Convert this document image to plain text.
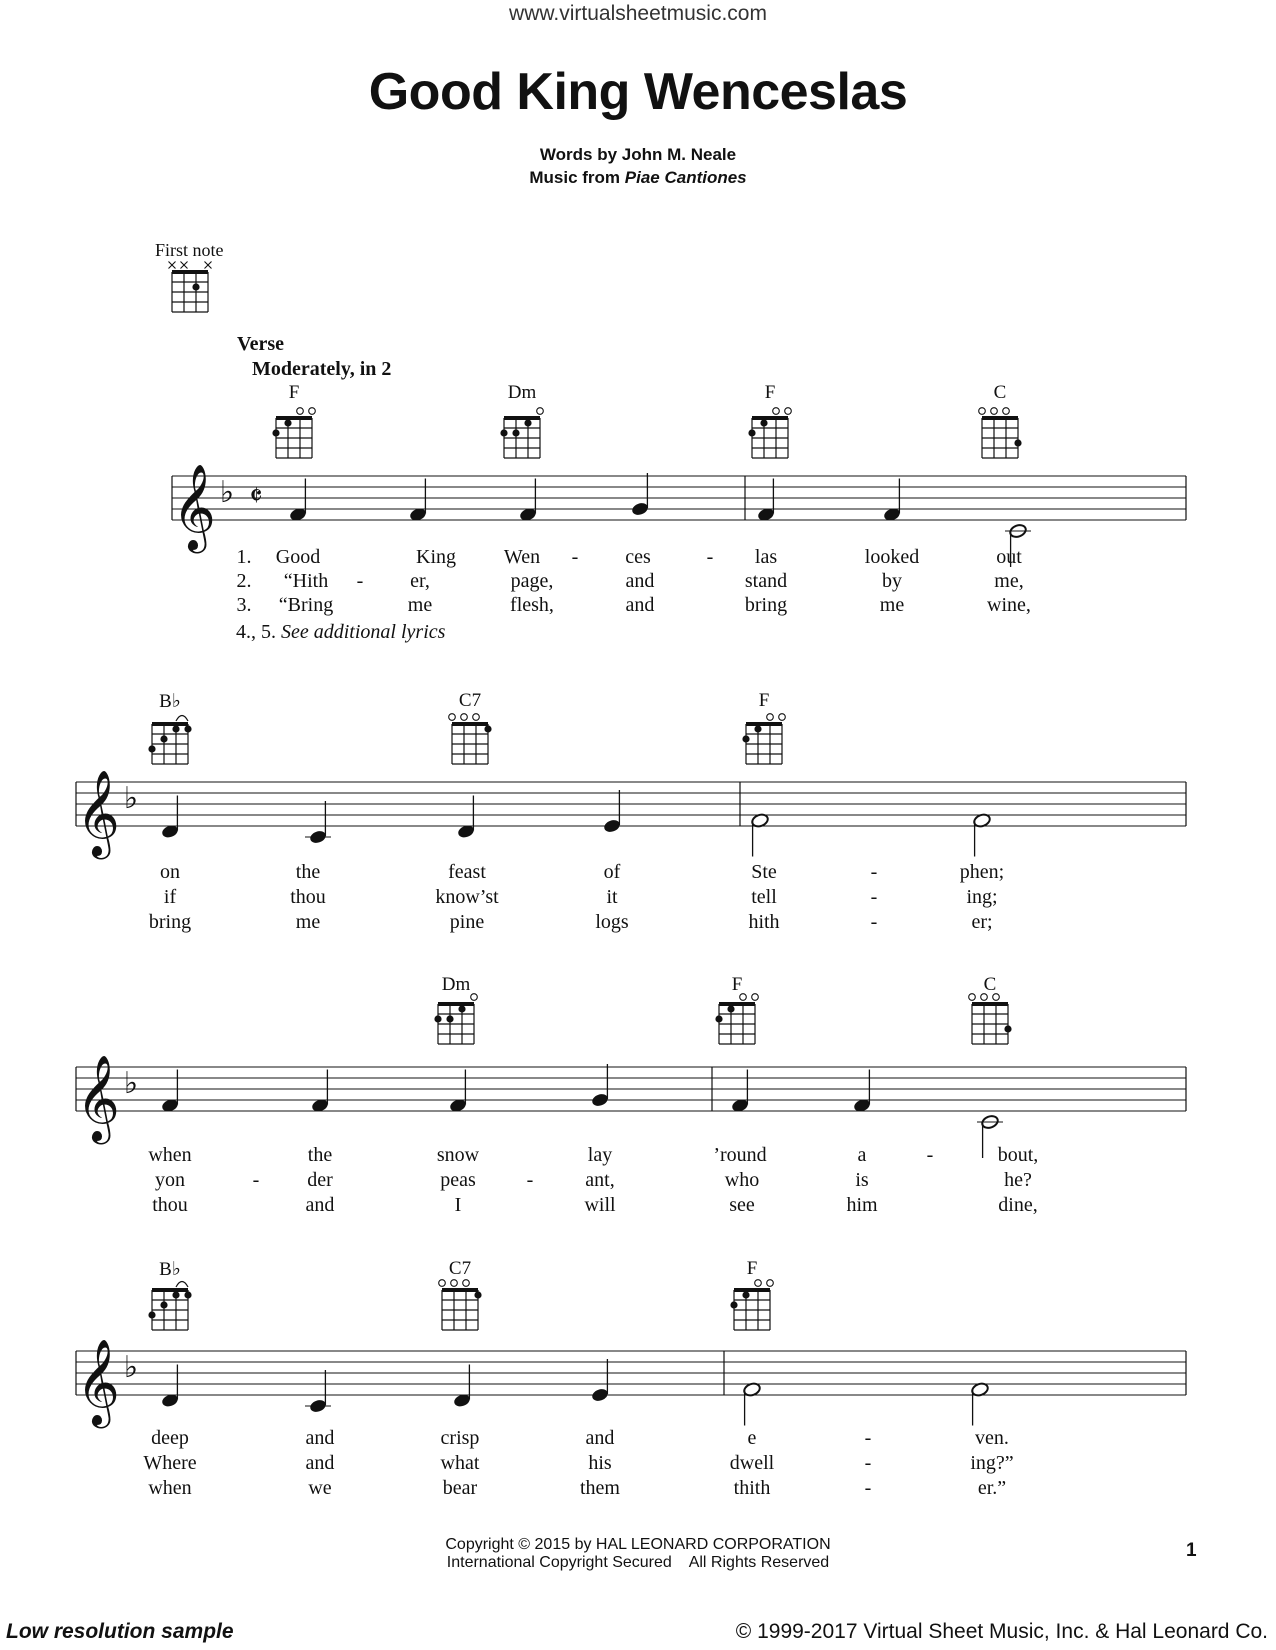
www.virtualsheetmusic.com
Good King Wenceslas
Words by John M. Neale
Music from Piae Cantiones
First note
Verse
Moderately, in 2
𝄞 ♭ 𝄵
𝄞 ♭
𝄞 ♭
𝄞 ♭
F	Dm	F	C
B♭	C7	F
Dm	F	C
B♭	C7	F
1. Good	King Wen - ces	- las	looked	out
2. “Hith - er,	page,	and	stand	by	me,
3. “Bring	me	flesh,	and	bring	me	wine,
on	the	feast	of	Ste	-	phen;
if	thou	know’st	it	tell	-	ing;
bring	me	pine	logs	hith	-	er;
when	the	snow	lay	’round	a	-	bout,
yon	- der	peas	-	ant,	who	is	he?
thou	and	I	will	see	him	dine,
deep	and	crisp	and	e	-	ven.
Where	and	what	his	dwell	-	ing?”
when	we	bear	them	thith	-	er.”
4., 5. See additional lyrics
Copyright © 2015 by HAL LEONARD CORPORATION
International Copyright Secured    All Rights Reserved
1
Low resolution sample	© 1999-2017 Virtual Sheet Music, Inc. & Hal Leonard Co.
